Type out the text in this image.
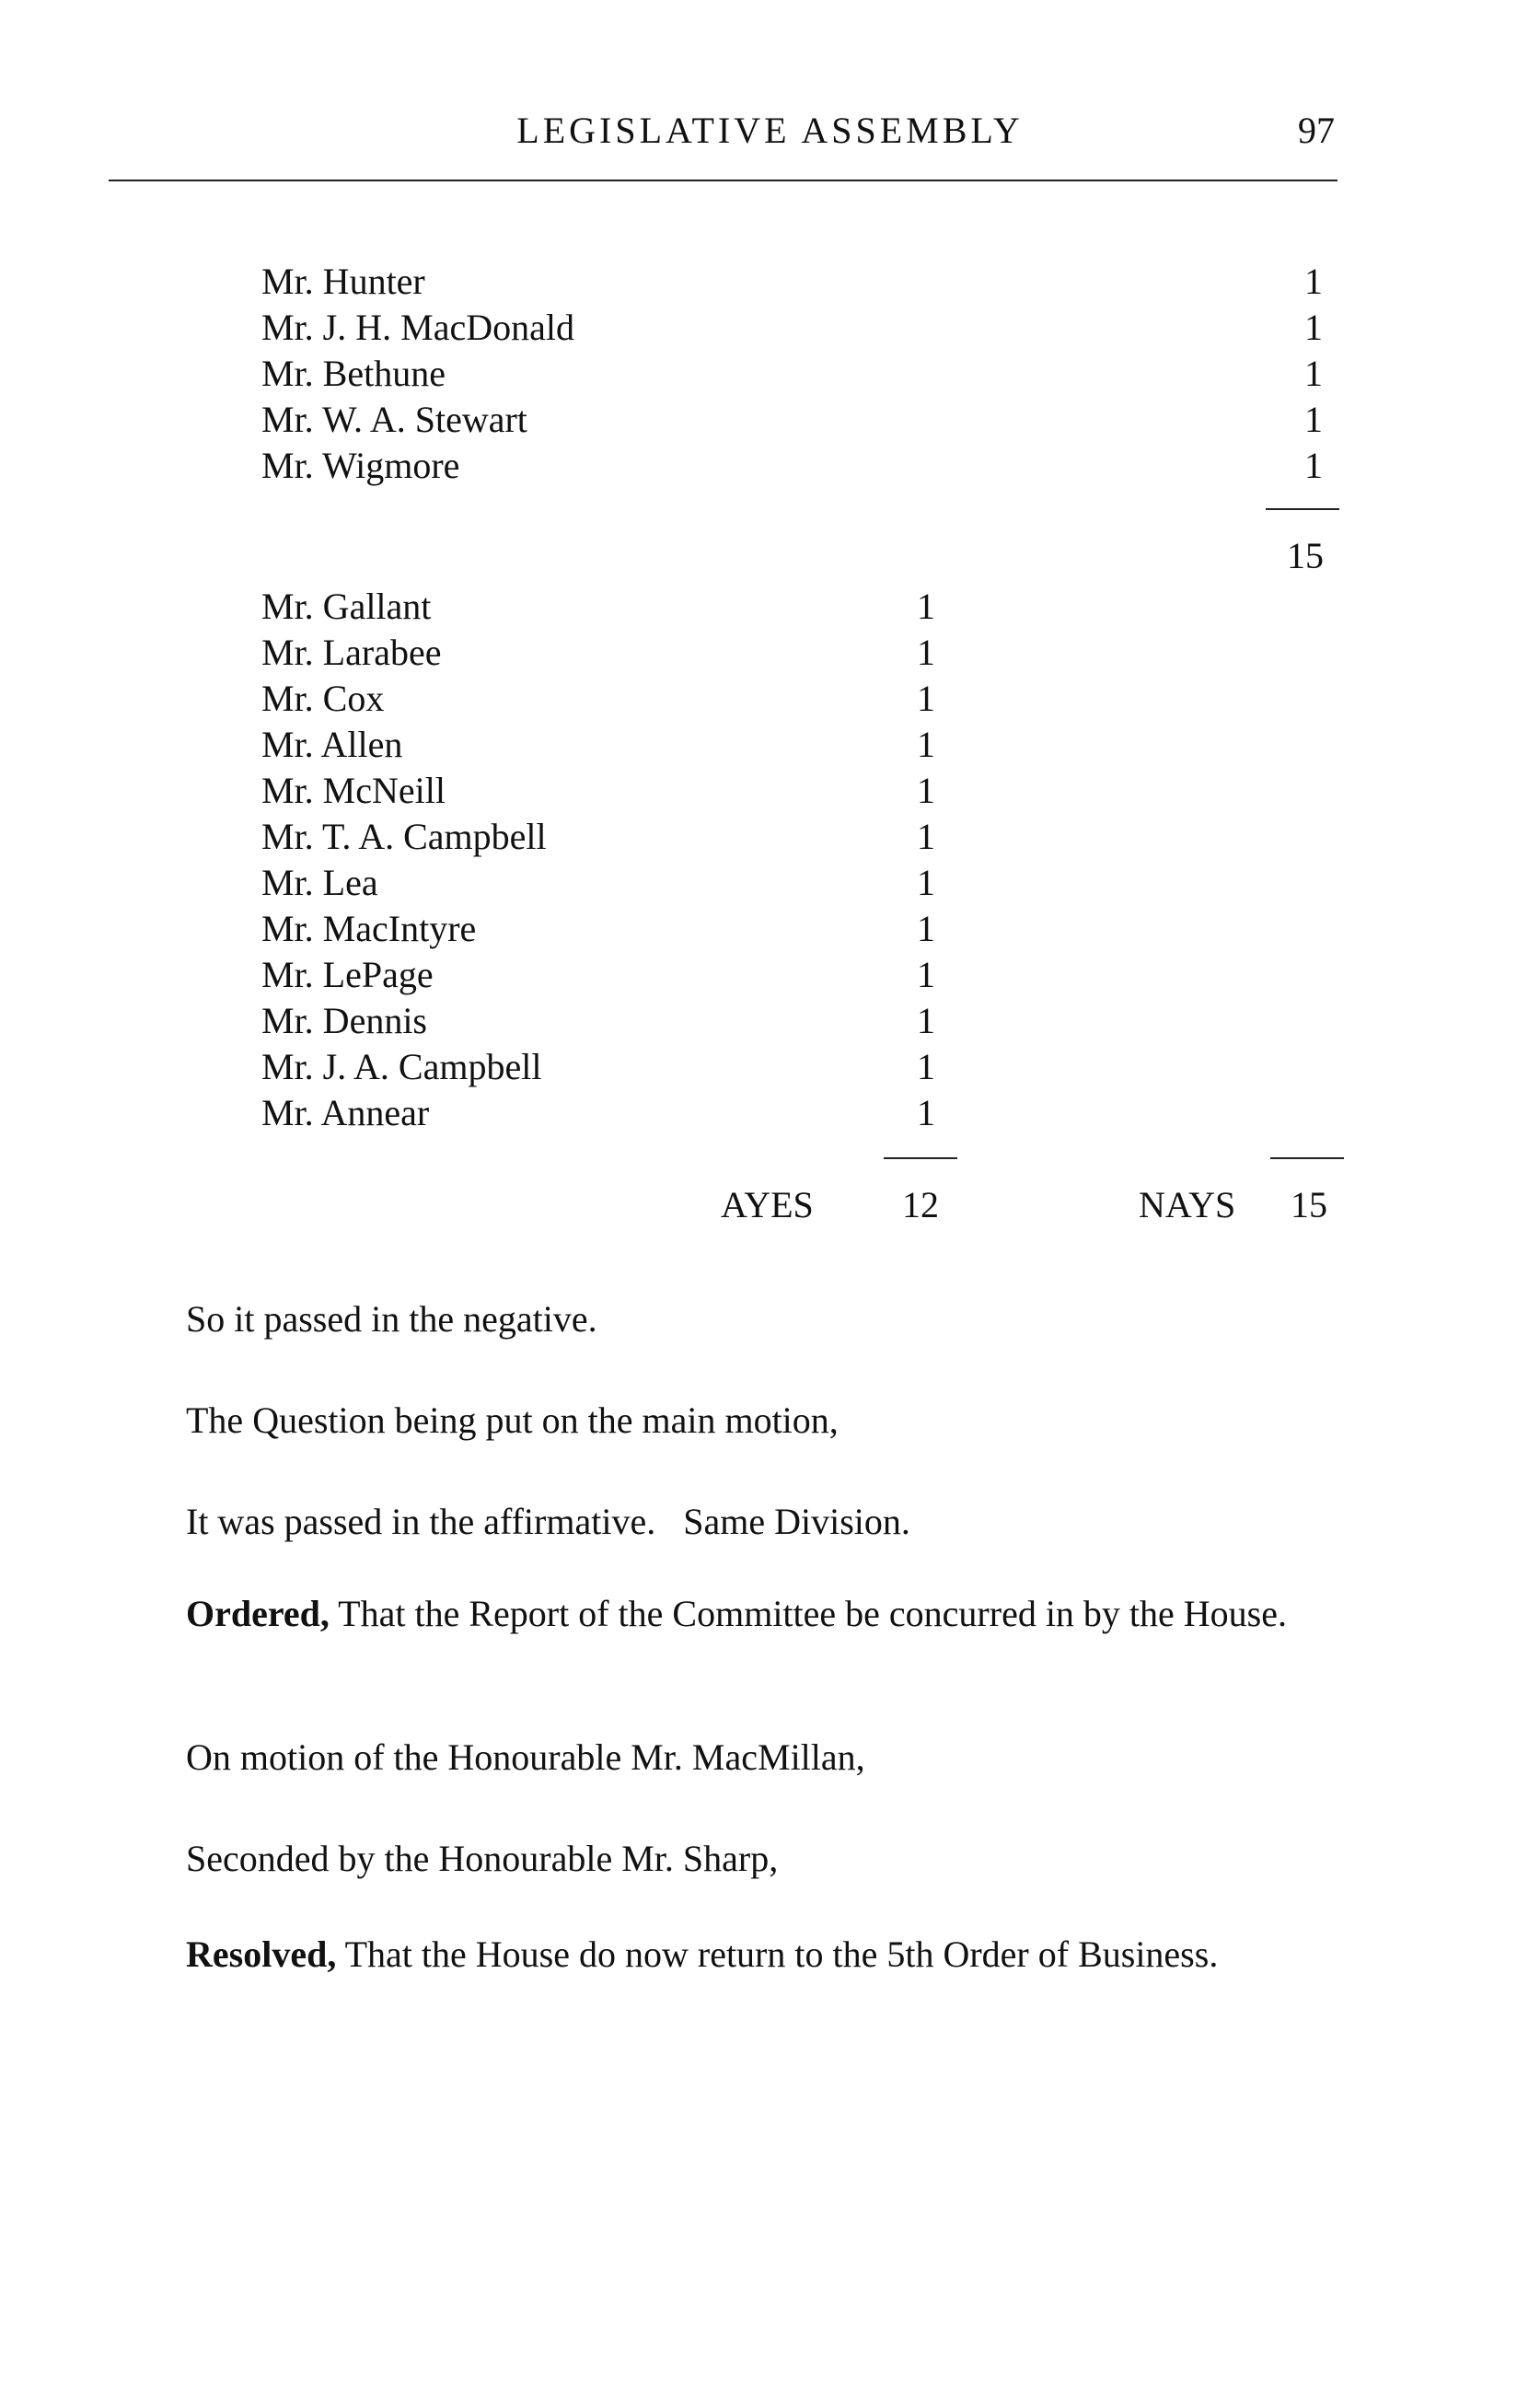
LEGISLATIVE ASSEMBLY	97
Mr. Hunter	1
Mr. J. H. MacDonald	1
Mr. Bethune	1
Mr. W. A. Stewart	1
Mr. Wigmore	1
15
Mr. Gallant	1
Mr. Larabee	1
Mr. Cox	1
Mr. Allen	1
Mr. McNeill	1
Mr. T. A. Campbell	1
Mr. Lea	1
Mr. MacIntyre	1
Mr. LePage	1
Mr. Dennis	1
Mr. J. A. Campbell	1
Mr. Annear	1
AYES 12	NAYS 15
So it passed in the negative.
The Question being put on the main motion,
It was passed in the affirmative.   Same Division.
Ordered, That the Report of the Committee be concurred in by the House.
On motion of the Honourable Mr. MacMillan,
Seconded by the Honourable Mr. Sharp,
Resolved, That the House do now return to the 5th Order of Business.
